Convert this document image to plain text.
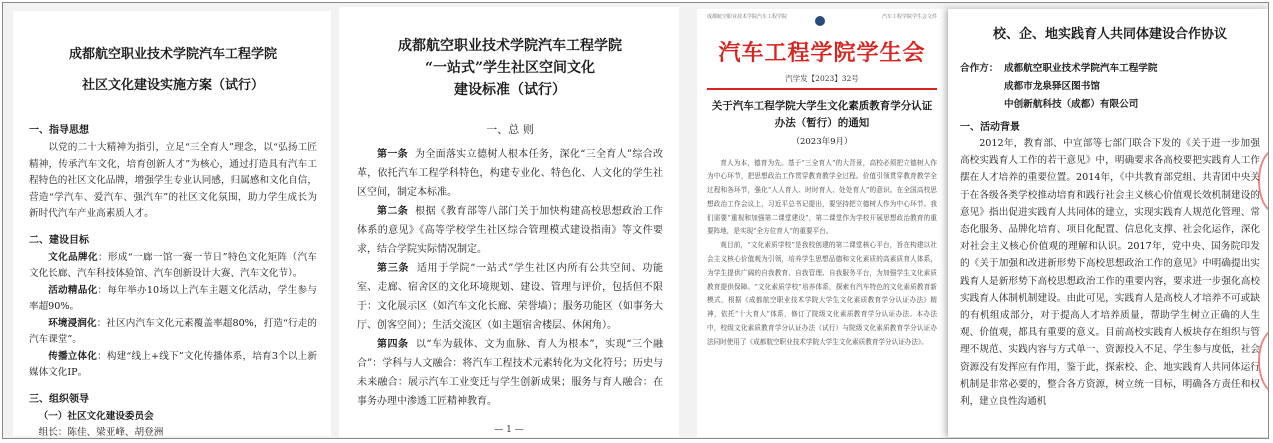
成都航空职业技术学院汽车工程学院

社区文化建设实施方案（试行）

一、指导思想

以党的二十大精神为指引，立足“三全育人”理念，以“弘扬工匠精神，传承汽车文化，培育创新人才”为核心，通过打造具有汽车工程特色的社区文化品牌，增强学生专业认同感，归属感和文化自信，营造“学汽车、爱汽车、强汽车”的社区文化氛围，助力学生成长为新时代汽车产业高素质人才。

二、建设目标

文化品牌化：形成“一廊一馆一赛一节日”特色文化矩阵（汽车文化长廊、汽车科技体验馆、汽车创新设计大赛、汽车文化节）。

活动精品化：每年举办10场以上汽车主题文化活动，学生参与率超90%。

环境浸润化：社区内汽车文化元素覆盖率超80%，打造“行走的汽车课堂”。

传播立体化：构建“线上+线下”文化传播体系，培育3个以上新媒体文化IP。

三、组织领导

（一）社区文化建设委员会

组长：陈佳、梁亚峰、胡登洲

成都航空职业技术学院汽车工程学院

“一站式”学生社区空间文化

建设标准（试行）

一、总 则

第一条 为全面落实立德树人根本任务，深化“三全育人”综合改革，依托汽车工程学科特色，构建专业化、特色化、人文化的学生社区空间，制定本标准。

第二条 根据《教育部等八部门关于加快构建高校思想政治工作体系的意见》《高等学校学生社区综合管理模式建设指南》等文件要求，结合学院实际情况制定。

第三条 适用于学院“一站式”学生社区内所有公共空间、功能室、走廊、宿舍区的文化环境规划、建设、管理与评价，包括但不限于：文化展示区（如汽车文化长廊、荣誉墙）；服务功能区（如事务大厅、创客空间）；生活交流区（如主题宿舍楼层、休闲角）。

第四条 以“车为载体、文为血脉、育人为根本”，实现“三个融合”：学科与人文融合：将汽车工程技术元素转化为文化符号；历史与未来融合：展示汽车工业变迁与学生创新成果；服务与育人融合：在事务办理中渗透工匠精神教育。

— 1 —
成都航空职业技术学院汽车工程学院	汽车工程学院学生会文件
汽车工程学院学生会
汽学发【2023】32号

关于汽车工程学院大学生文化素质教育学分认证

办法（暂行）的通知

（2023年9月）

育人为本，德育为先。基于“三全育人”的大背景，高校必须把立德树人作为中心环节，把思想政治工作贯穿教育教学全过程。价值引领贯穿教育教学全过程和各环节，强化“人人育人、时时育人、处处育人”的意识。在全国高校思想政治工作会议上，习近平总书记提出，要坚持把立德树人作为中心环节。我们需要“重视和加强第二课堂建设”，第二课堂作为学校开展思想政治教育的重要阵地，是实现“全方位育人”的重要平台。

观目前，“文化素质学校”是我校创建的第二课堂核心平台，旨在构建以社会主义核心价值观为引领，培养学生思想品德和文化素质的高素质育人体系，为学生提供广阔的自我教育、自我管理、自我服务平台，为加强学生文化素质教育提供保障。“文化素质学校”培养体系，探索有汽车特色的文化素质教育新模式，根据《成都航空职业技术学院大学生文化素质教育学分认证办法》精神，依托“十大育人”体系，修订了院级文化素质教育学分认证办法。本办法中，校级文化素质教育学分认证办法（试行）与院级文化素质教育学分认证办法同时使用了《成都航空职业技术学院大学生文化素质教育学分认证办法》。

校、企、地实践育人共同体建设合作协议

合作方： 成都航空职业技术学院汽车工程学院

成都市龙泉驿区图书馆

中创新航科技（成都）有限公司

一、活动背景

2012年，教育部、中宣部等七部门联合下发的《关于进一步加强高校实践育人工作的若干意见》中，明确要求各高校要把实践育人工作摆在人才培养的重要位置。2014年，《中共教育部党组、共青团中央关于在各级各类学校推动培育和践行社会主义核心价值观长效机制建设的意见》指出促进实践育人共同体的建立，实现实践育人规范化管理、常态化服务、品牌化培育、项目化配置、信息化支撑、社会化运作，深化对社会主义核心价值观的理解和认识。2017年，党中央、国务院印发的《关于加强和改进新形势下高校思想政治工作的意见》中明确提出实践育人是新形势下高校思想政治工作的重要内容，要求进一步强化高校实践育人体制机制建设。由此可见，实践育人是高校人才培养不可或缺的有机组成部分，对于提高人才培养质量，帮助学生树立正确的人生观、价值观，都具有重要的意义。目前高校实践育人板块存在组织与管理不规范、实践内容与方式单一、资源投入不足、学生参与度低，社会资源没有发挥应有作用，鉴于此，探索校、企、地实践育人共同体运行机制是非常必要的，整合各方资源，树立统一目标，明确各方责任和权利，建立良性沟通机
